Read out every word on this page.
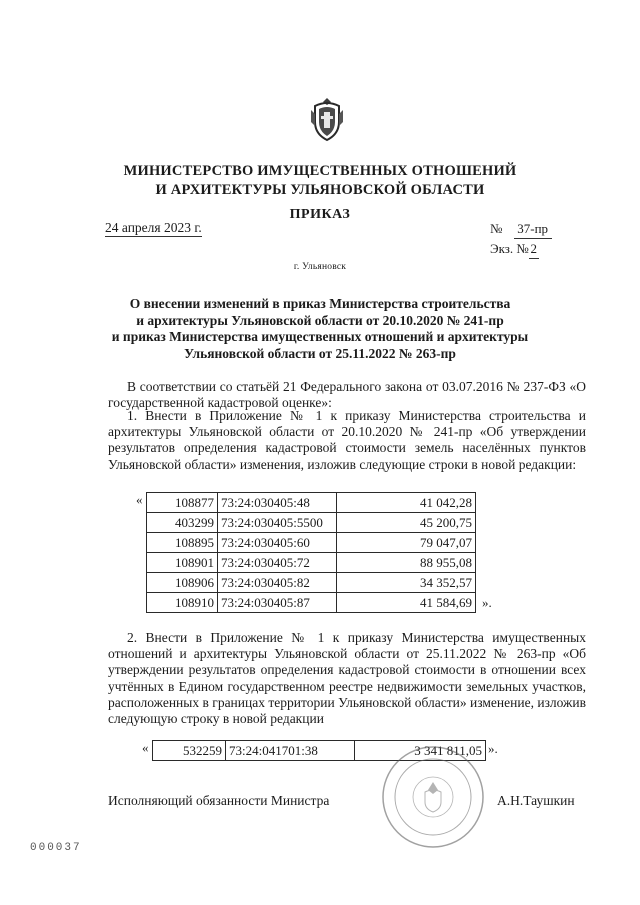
МИНИСТЕРСТВО ИМУЩЕСТВЕННЫХ ОТНОШЕНИЙ
И АРХИТЕКТУРЫ УЛЬЯНОВСКОЙ ОБЛАСТИ
ПРИКАЗ
24 апреля 2023 г.	№ 37-пр
Экз. № 2
г. Ульяновск
О внесении изменений в приказ Министерства строительства
и архитектуры Ульяновской области от 20.10.2020 № 241-пр
и приказ Министерства имущественных отношений и архитектуры
Ульяновской области от 25.11.2022 № 263-пр
В соответствии со статьёй 21 Федерального закона от 03.07.2016 № 237-ФЗ «О государственной кадастровой оценке»:
1. Внести в Приложение № 1 к приказу Министерства строительства и архитектуры Ульяновской области от 20.10.2020 № 241-пр «Об утверждении результатов определения кадастровой стоимости земель населённых пунктов Ульяновской области» изменения, изложив следующие строки в новой редакции:
«	108877	73:24:030405:48	41 042,28
403299	73:24:030405:5500	45 200,75
108895	73:24:030405:60	79 047,07
108901	73:24:030405:72	88 955,08
108906	73:24:030405:82	34 352,57
108910	73:24:030405:87	41 584,69 ».
2. Внести в Приложение № 1 к приказу Министерства имущественных отношений и архитектуры Ульяновской области от 25.11.2022 № 263-пр «Об утверждении результатов определения кадастровой стоимости в отношении всех учтённых в Едином государственном реестре недвижимости земельных участков, расположенных в границах территории Ульяновской области» изменение, изложив следующую строку в новой редакции
«	532259	73:24:041701:38	3 341 811,05 ».
Исполняющий обязанности Министра	А.Н.Таушкин
000037
